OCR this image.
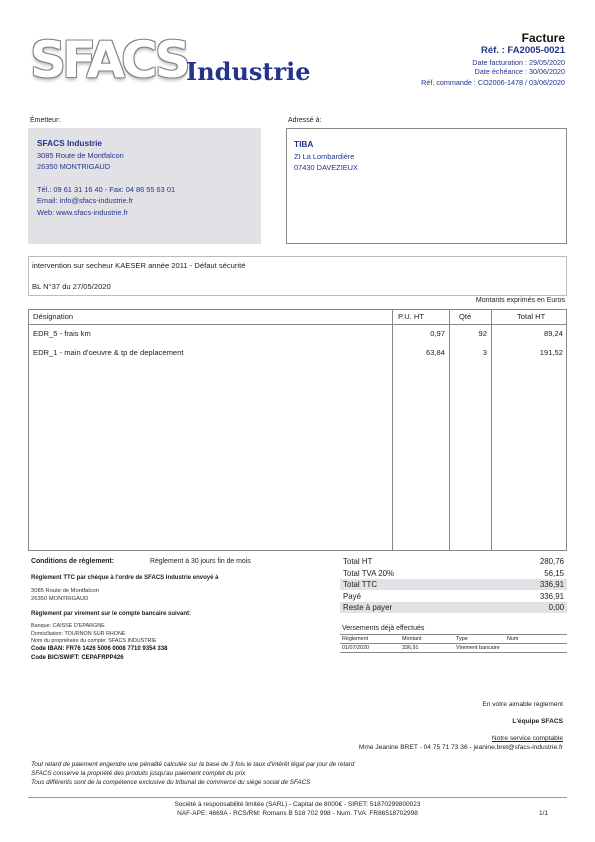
SFACS Industrie
Facture
Réf. : FA2005-0021
Date facturation : 29/05/2020
Date échéance : 30/06/2020
Réf. commande : CO2006-1478 / 03/06/2020
Émetteur:
SFACS Industrie
3085 Route de Montfalcon
26350 MONTRIGAUD
Tél.: 09 61 31 16 40 - Fax: 04 86 55 63 01
Email: info@sfacs-industrie.fr
Web: www.sfacs-industrie.fr
Adressé à:
TIBA
ZI La Lombardière
07430 DAVEZIEUX
intervention sur secheur KAESER année 2011 - Défaut sécurité
BL N°37 du 27/05/2020
Montants exprimés en Euros
Désignation	P.U. HT	Qté	Total HT
EDR_5 - frais km	0,97	92	89,24
EDR_1 - main d'oeuvre & tp de deplacement	63,84	3	191,52
Conditions de règlement:	Règlement à 30 jours fin de mois
Règlement TTC par chèque à l'ordre de SFACS Industrie envoyé à
3085 Route de Montfalcon
26350 MONTRIGAUD
Règlement par virement sur le compte bancaire suivant:
Banque: CAISSE D'EPARGNE
Domiciliation: TOURNON SUR RHONE
Nom du propriétaire du compte: SFACS INDUSTRIE
Code IBAN: FR76 1426 5006 0008 7710 9354 338
Code BIC/SWIFT: CEPAFRPP426
Total HT	280,76
Total TVA 20%	56,15
Total TTC	336,91
Payé	336,91
Reste à payer	0,00
Versements déjà effectués
Règlement	Montant	Type	Num
01/07/2020	336,91	Virement bancaire
En votre aimable règlement
L'équipe SFACS
Notre service comptable
Mme Jeanine BRET - 04 75 71 73 36 - jeanine.bret@sfacs-industrie.fr
Tout retard de paiement engendre une pénalité calculée sur la base de 3 fois le taux d'intérêt légal par jour de retard
SFACS conserve la propriété des produits jusqu'au paiement complet du prix
Tous différents sont de la compétence exclusive du tribunal de commerce du siège social de SFACS
Société à responsabilité limitée (SARL) - Capital de 8000€ - SIRET: 51870299800023
NAF-APE: 4669A - RCS/RM: Romans B 518 702 998 - Num. TVA: FR86518702998	1/1
